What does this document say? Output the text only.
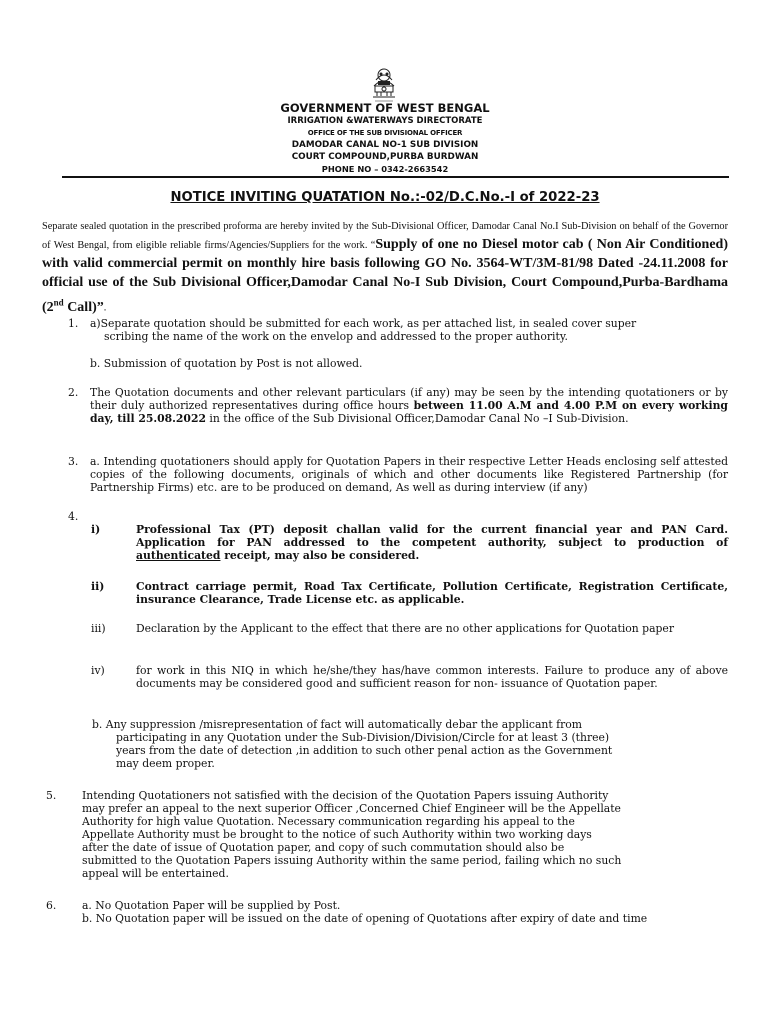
GOVERNMENT OF WEST BENGAL
IRRIGATION &WATERWAYS DIRECTORATE
OFFICE OF THE SUB DIVISIONAL OFFICER
DAMODAR CANAL NO-1 SUB DIVISION
COURT COMPOUND,PURBA BURDWAN
PHONE NO – 0342-2663542
NOTICE INVITING QUATATION No.:-02/D.C.No.-I of 2022-23
Separate sealed quotation in the prescribed proforma are hereby invited by the Sub-Divisional Officer, Damodar Canal No.I Sub-Division on behalf of the Governor of West Bengal, from eligible reliable firms/Agencies/Suppliers for the work. “Supply of one no Diesel motor cab ( Non Air Conditioned) with valid commercial permit on monthly hire basis following GO No. 3564-WT/3M-81/98 Dated -24.11.2008 for official use of the Sub Divisional Officer,Damodar Canal No-I Sub Division, Court Compound,Purba-Bardhama (2nd Call)”.
1. a)Separate quotation should be submitted for each work, as per attached list, in sealed cover super
scribing the name of the work on the envelop and addressed to the proper authority.
b. Submission of quotation by Post is not allowed.
2. The Quotation documents and other relevant particulars (if any) may be seen by the intending quotationers or by their duly authorized representatives during office hours between 11.00 A.M and 4.00 P.M on every working day, till 25.08.2022 in the office of the Sub Divisional Officer,Damodar Canal No –I Sub-Division.
3. a. Intending quotationers should apply for Quotation Papers in their respective Letter Heads enclosing self attested copies of the following documents, originals of which and other documents like Registered Partnership (for Partnership Firms) etc. are to be produced on demand, As well as during interview (if any)
4.
i)	Professional Tax (PT) deposit challan valid for the current financial year and PAN Card. Application for PAN addressed to the competent authority, subject to production of authenticated receipt, may also be considered.
ii)	Contract carriage permit, Road Tax Certificate, Pollution Certificate, Registration Certificate, insurance Clearance, Trade License etc. as applicable.
iii)	Declaration by the Applicant to the effect that there are no other applications for Quotation paper
iv)	for work in this NIQ in which he/she/they has/have common interests. Failure to produce any of above documents may be considered good and sufficient reason for non- issuance of Quotation paper.
b. Any suppression /misrepresentation of fact will automatically debar the applicant from
participating in any Quotation under the Sub-Division/Division/Circle for at least 3 (three)
years from the date of detection ,in addition to such other penal action as the Government
may deem proper.
5. Intending Quotationers not satisfied with the decision of the Quotation Papers issuing Authority
may prefer an appeal to the next superior Officer ,Concerned Chief Engineer will be the Appellate
Authority for high value Quotation. Necessary communication regarding his appeal to the
Appellate Authority must be brought to the notice of such Authority within two working days
after the date of issue of Quotation paper, and copy of such commutation should also be
submitted to the Quotation Papers issuing Authority within the same period, failing which no such
appeal will be entertained.
6. a. No Quotation Paper will be supplied by Post.
b. No Quotation paper will be issued on the date of opening of Quotations after expiry of date and time
